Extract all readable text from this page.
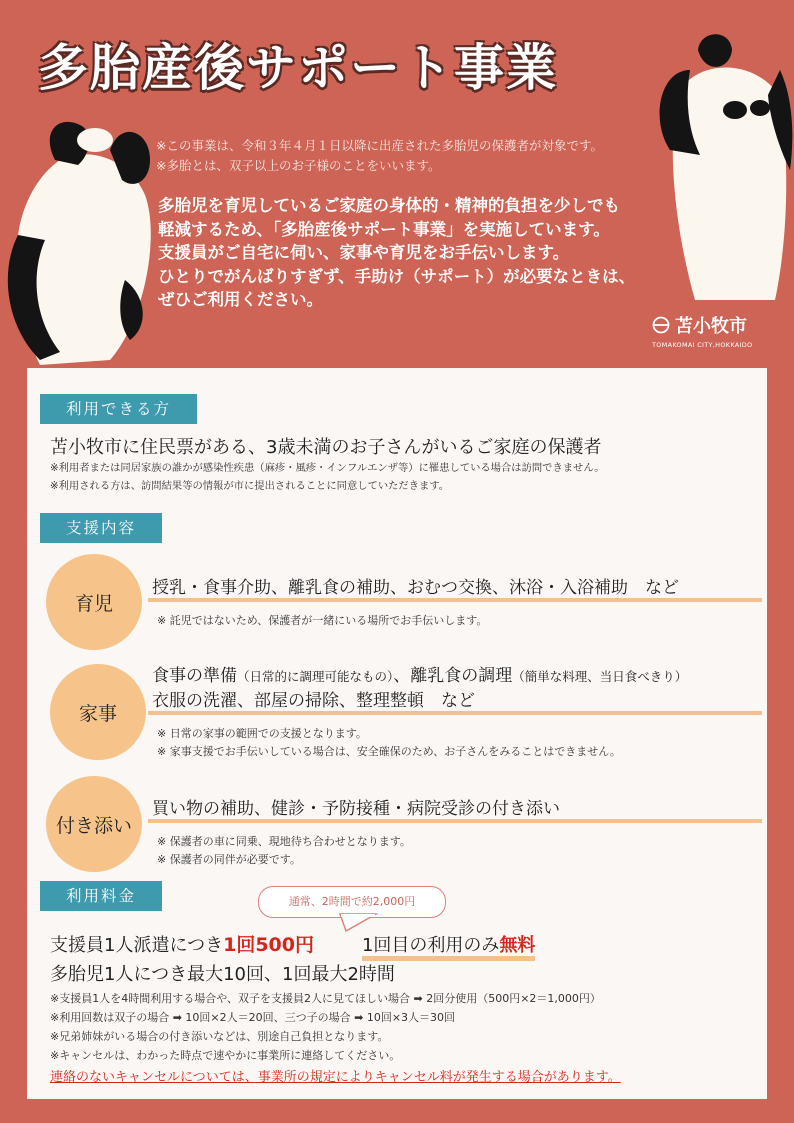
多胎産後サポート事業
※この事業は、令和３年４月１日以降に出産された多胎児の保護者が対象です。
※多胎とは、双子以上のお子様のことをいいます。
多胎児を育児しているご家庭の身体的・精神的負担を少しでも
軽減するため、「多胎産後サポート事業」を実施しています。
支援員がご自宅に伺い、家事や育児をお手伝いします。
ひとりでがんばりすぎず、手助け（サポート）が必要なときは、
ぜひご利用ください。
苫小牧市
TOMAKOMAI CITY,HOKKAIDO
利用できる方
苫小牧市に住民票がある、3歳未満のお子さんがいるご家庭の保護者
※利用者または同居家族の誰かが感染性疾患（麻疹・風疹・インフルエンザ等）に罹患している場合は訪問できません。
※利用される方は、訪問結果等の情報が市に提出されることに同意していただきます。
支援内容
育児
授乳・食事介助、離乳食の補助、おむつ交換、沐浴・入浴補助　など
※ 託児ではないため、保護者が一緒にいる場所でお手伝いします。
家事
食事の準備（日常的に調理可能なもの）、離乳食の調理（簡単な料理、当日食べきり）
衣服の洗濯、部屋の掃除、整理整頓　など
※ 日常の家事の範囲での支援となります。
※ 家事支援でお手伝いしている場合は、安全確保のため、お子さんをみることはできません。
付き添い
買い物の補助、健診・予防接種・病院受診の付き添い
※ 保護者の車に同乗、現地待ち合わせとなります。
※ 保護者の同伴が必要です。
利用料金	通常、2時間で約2,000円
支援員1人派遣につき1回500円	1回目の利用のみ無料
多胎児1人につき最大10回、1回最大2時間
※支援員1人を4時間利用する場合や、双子を支援員2人に見てほしい場合 ➡ 2回分使用（500円×2＝1,000円）
※利用回数は双子の場合 ➡ 10回×2人＝20回、三つ子の場合 ➡ 10回×3人＝30回
※兄弟姉妹がいる場合の付き添いなどは、別途自己負担となります。
※キャンセルは、わかった時点で速やかに事業所に連絡してください。
連絡のないキャンセルについては、事業所の規定によりキャンセル料が発生する場合があります。
